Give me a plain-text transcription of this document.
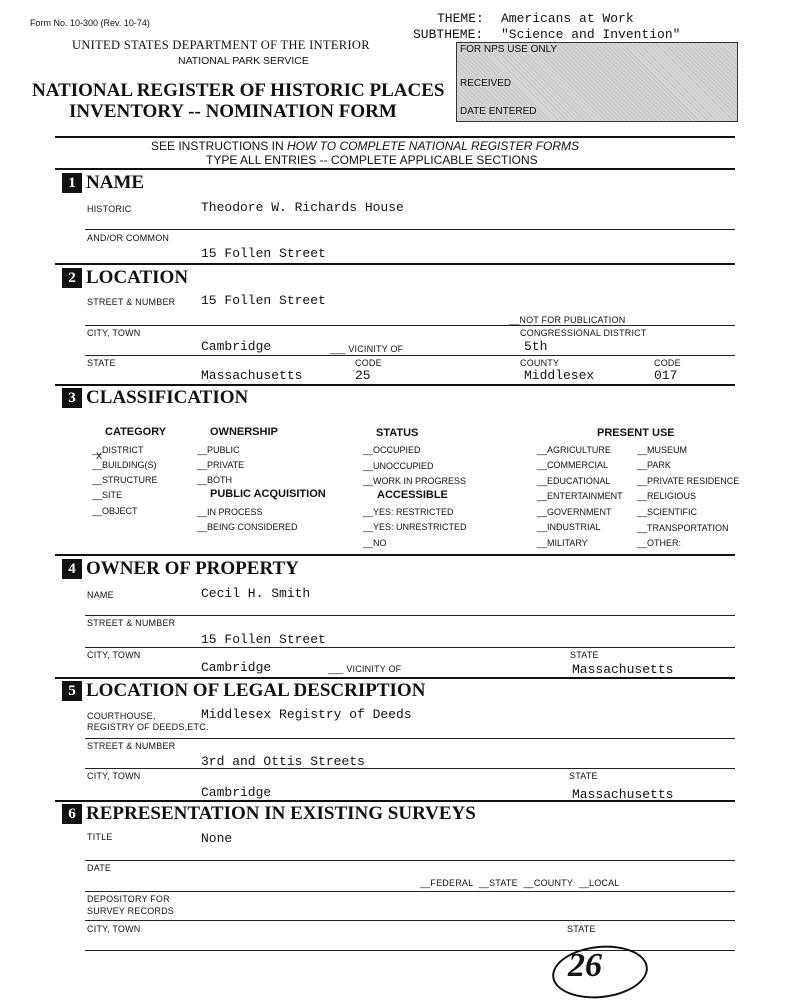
Form No. 10-300 (Rev. 10-74)
UNITED STATES DEPARTMENT OF THE INTERIOR
NATIONAL PARK SERVICE
NATIONAL REGISTER OF HISTORIC PLACES
INVENTORY -- NOMINATION FORM
THEME: Americans at Work
SUBTHEME: "Science and Invention"
FOR NPS USE ONLY
RECEIVED
DATE ENTERED
SEE INSTRUCTIONS IN HOW TO COMPLETE NATIONAL REGISTER FORMS
TYPE ALL ENTRIES -- COMPLETE APPLICABLE SECTIONS
1 NAME
HISTORIC	Theodore W. Richards House
AND/OR COMMON
15 Follen Street
2 LOCATION
STREET & NUMBER 15 Follen Street
__NOT FOR PUBLICATION
CITY, TOWN	CONGRESSIONAL DISTRICT
Cambridge	___ VICINITY OF	5th
STATE	CODE	COUNTY	CODE
Massachusetts	25	Middlesex	017
3 CLASSIFICATION
CATEGORY
__DISTRICT
__BUILDING(S)
X
__STRUCTURE
__SITE
__OBJECT
OWNERSHIP
__PUBLIC
__PRIVATE
__BOTH
PUBLIC ACQUISITION
__IN PROCESS
__BEING CONSIDERED
STATUS
__OCCUPIED
__UNOCCUPIED
__WORK IN PROGRESS
ACCESSIBLE
__YES: RESTRICTED
__YES: UNRESTRICTED
__NO
PRESENT USE
__AGRICULTURE
__COMMERCIAL
__EDUCATIONAL
__ENTERTAINMENT
__GOVERNMENT
__INDUSTRIAL
__MILITARY
__MUSEUM
__PARK
__PRIVATE RESIDENCE
__RELIGIOUS
__SCIENTIFIC
__TRANSPORTATION
__OTHER:
4 OWNER OF PROPERTY
NAME	Cecil H. Smith
STREET & NUMBER
15 Follen Street
CITY, TOWN	STATE
Cambridge	___ VICINITY OF	Massachusetts
5 LOCATION OF LEGAL DESCRIPTION
COURTHOUSE,
REGISTRY OF DEEDS,ETC.
Middlesex Registry of Deeds
STREET & NUMBER
3rd and Ottis Streets
CITY, TOWN	STATE
Cambridge	Massachusetts
6 REPRESENTATION IN EXISTING SURVEYS
TITLE	None
DATE
__FEDERAL __STATE __COUNTY __LOCAL
DEPOSITORY FOR
SURVEY RECORDS
CITY, TOWN	STATE
26
